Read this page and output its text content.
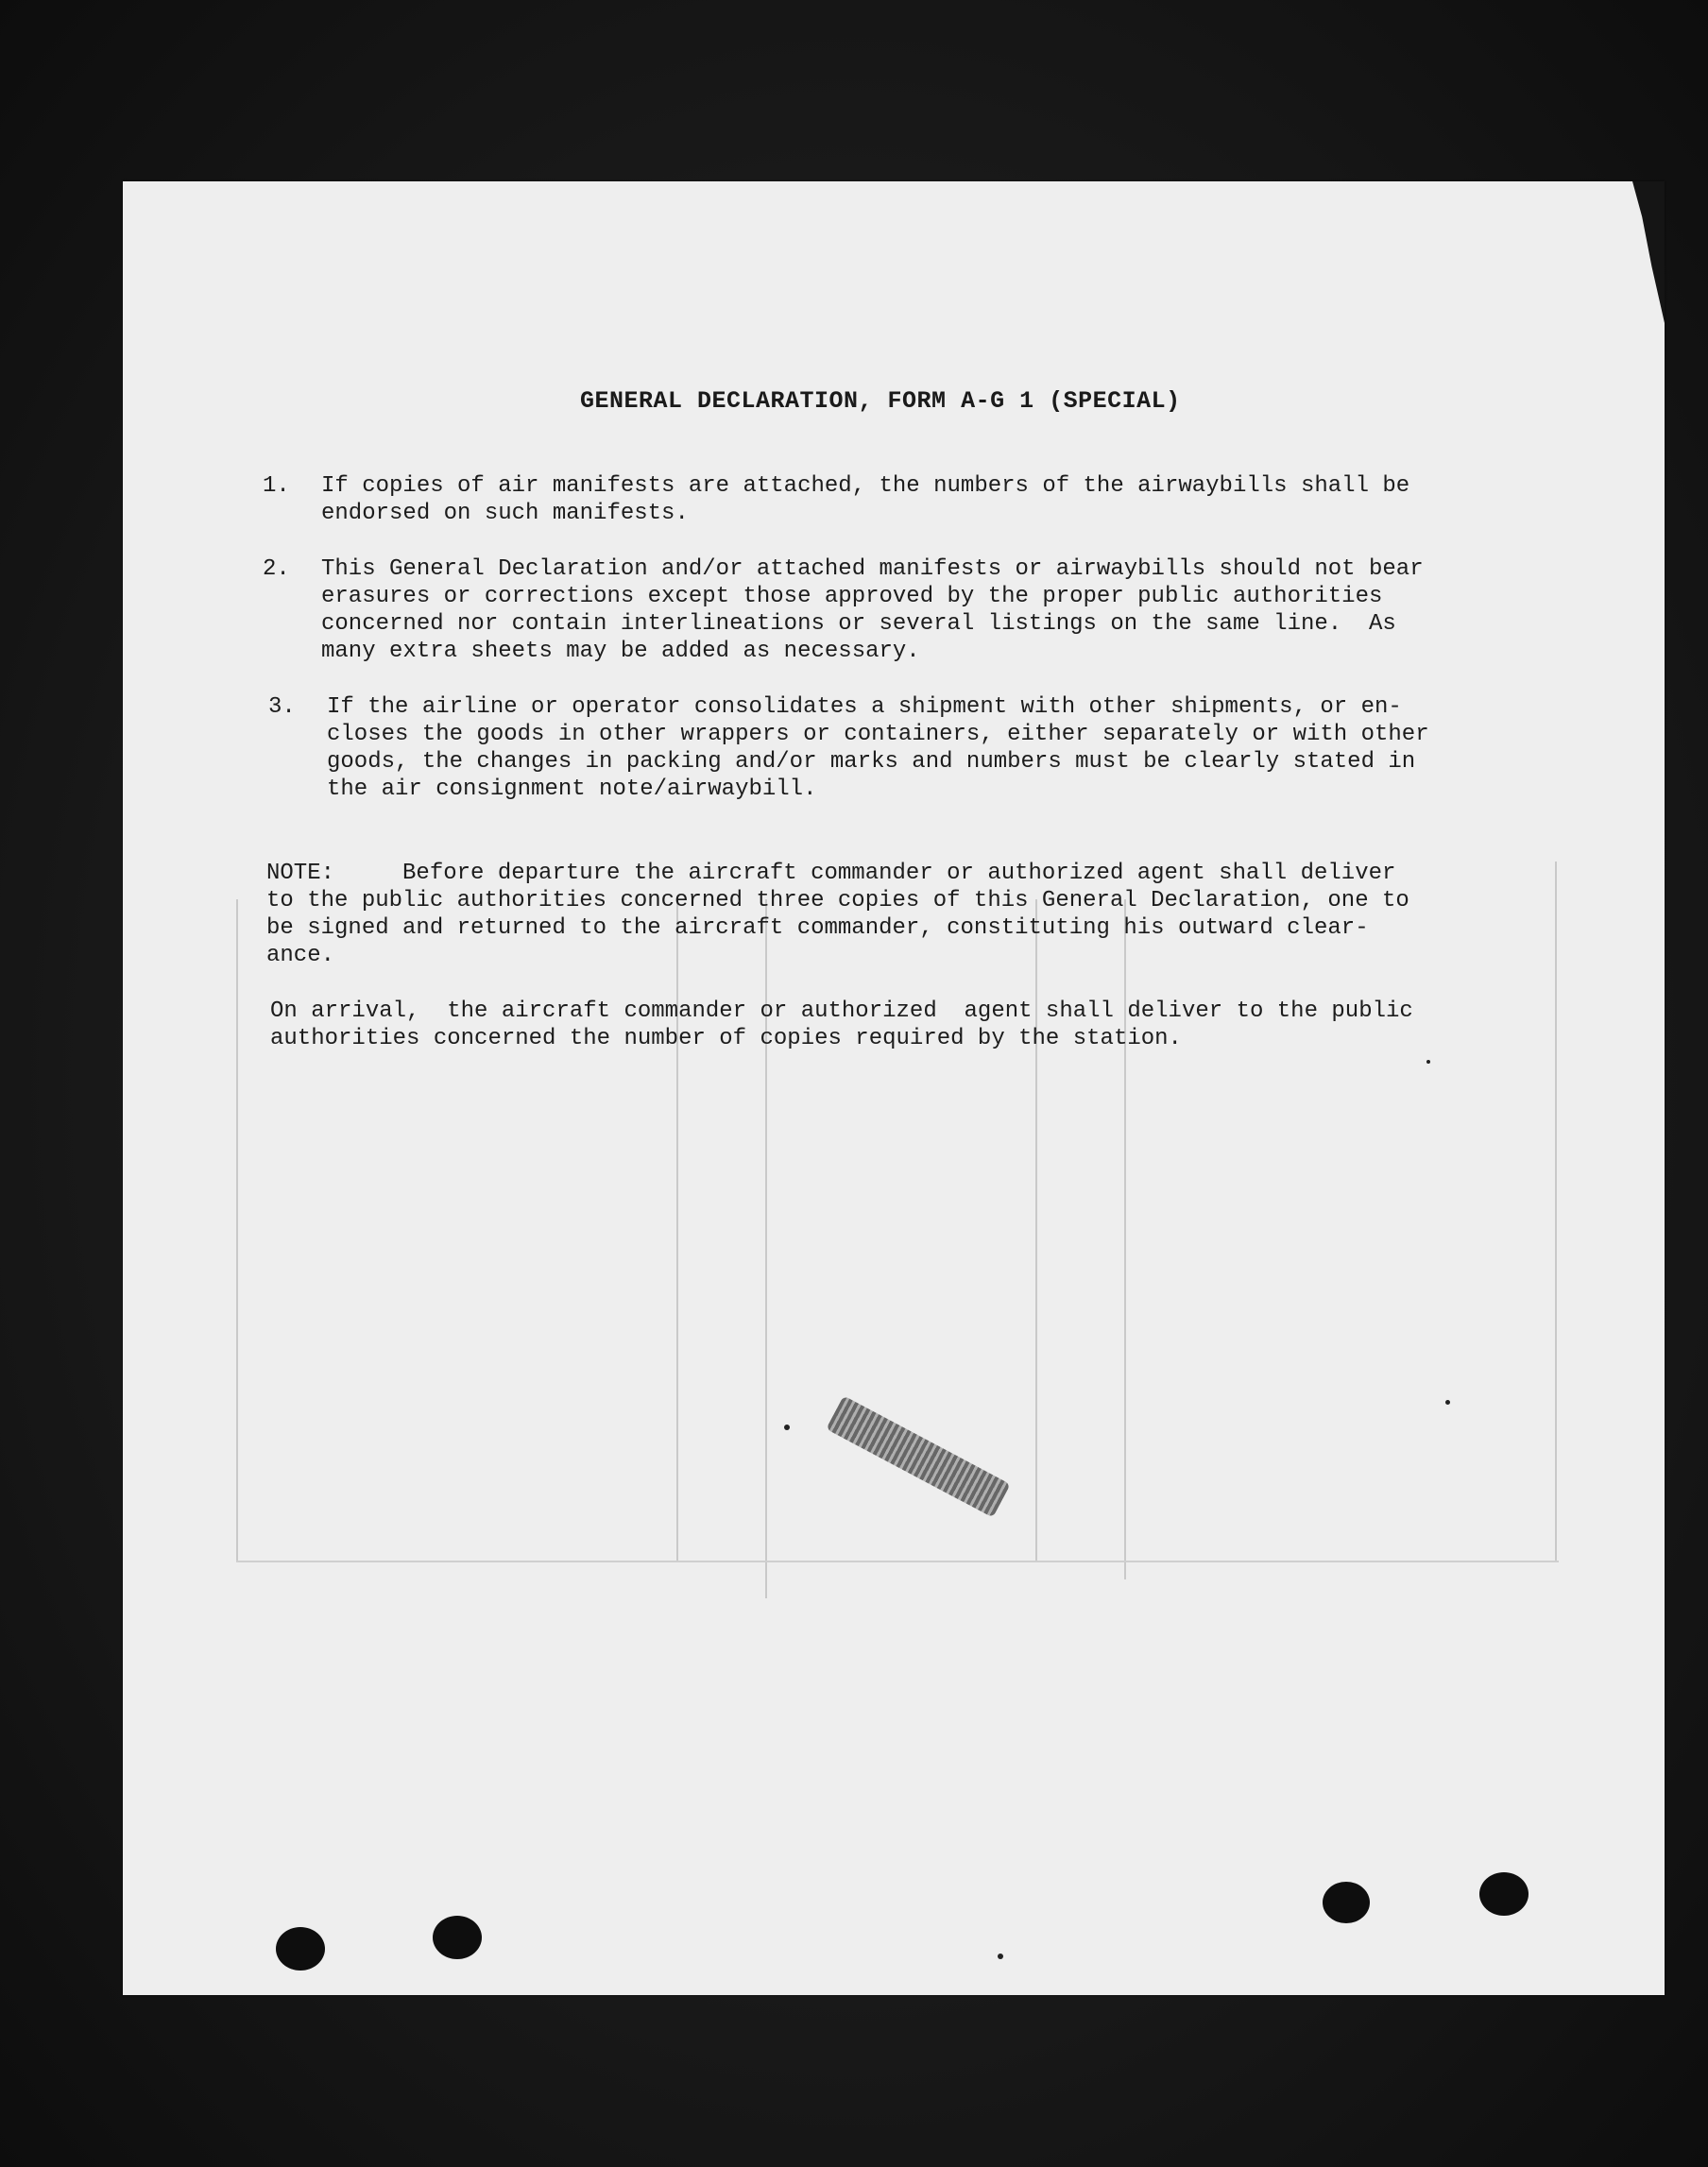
GENERAL DECLARATION, FORM A-G 1 (SPECIAL)
1. If copies of air manifests are attached, the numbers of the airwaybills shall be
endorsed on such manifests.
2. This General Declaration and/or attached manifests or airwaybills should not bear
erasures or corrections except those approved by the proper public authorities
concerned nor contain interlineations or several listings on the same line.  As
many extra sheets may be added as necessary.
3. If the airline or operator consolidates a shipment with other shipments, or en-
closes the goods in other wrappers or containers, either separately or with other
goods, the changes in packing and/or marks and numbers must be clearly stated in
the air consignment note/airwaybill.
NOTE:     Before departure the aircraft commander or authorized agent shall deliver
to the public authorities concerned three copies of this General Declaration, one to
be signed and returned to the aircraft commander, constituting his outward clear-
ance.
On arrival,  the aircraft commander or authorized  agent shall deliver to the public
authorities concerned the number of copies required by the station.
